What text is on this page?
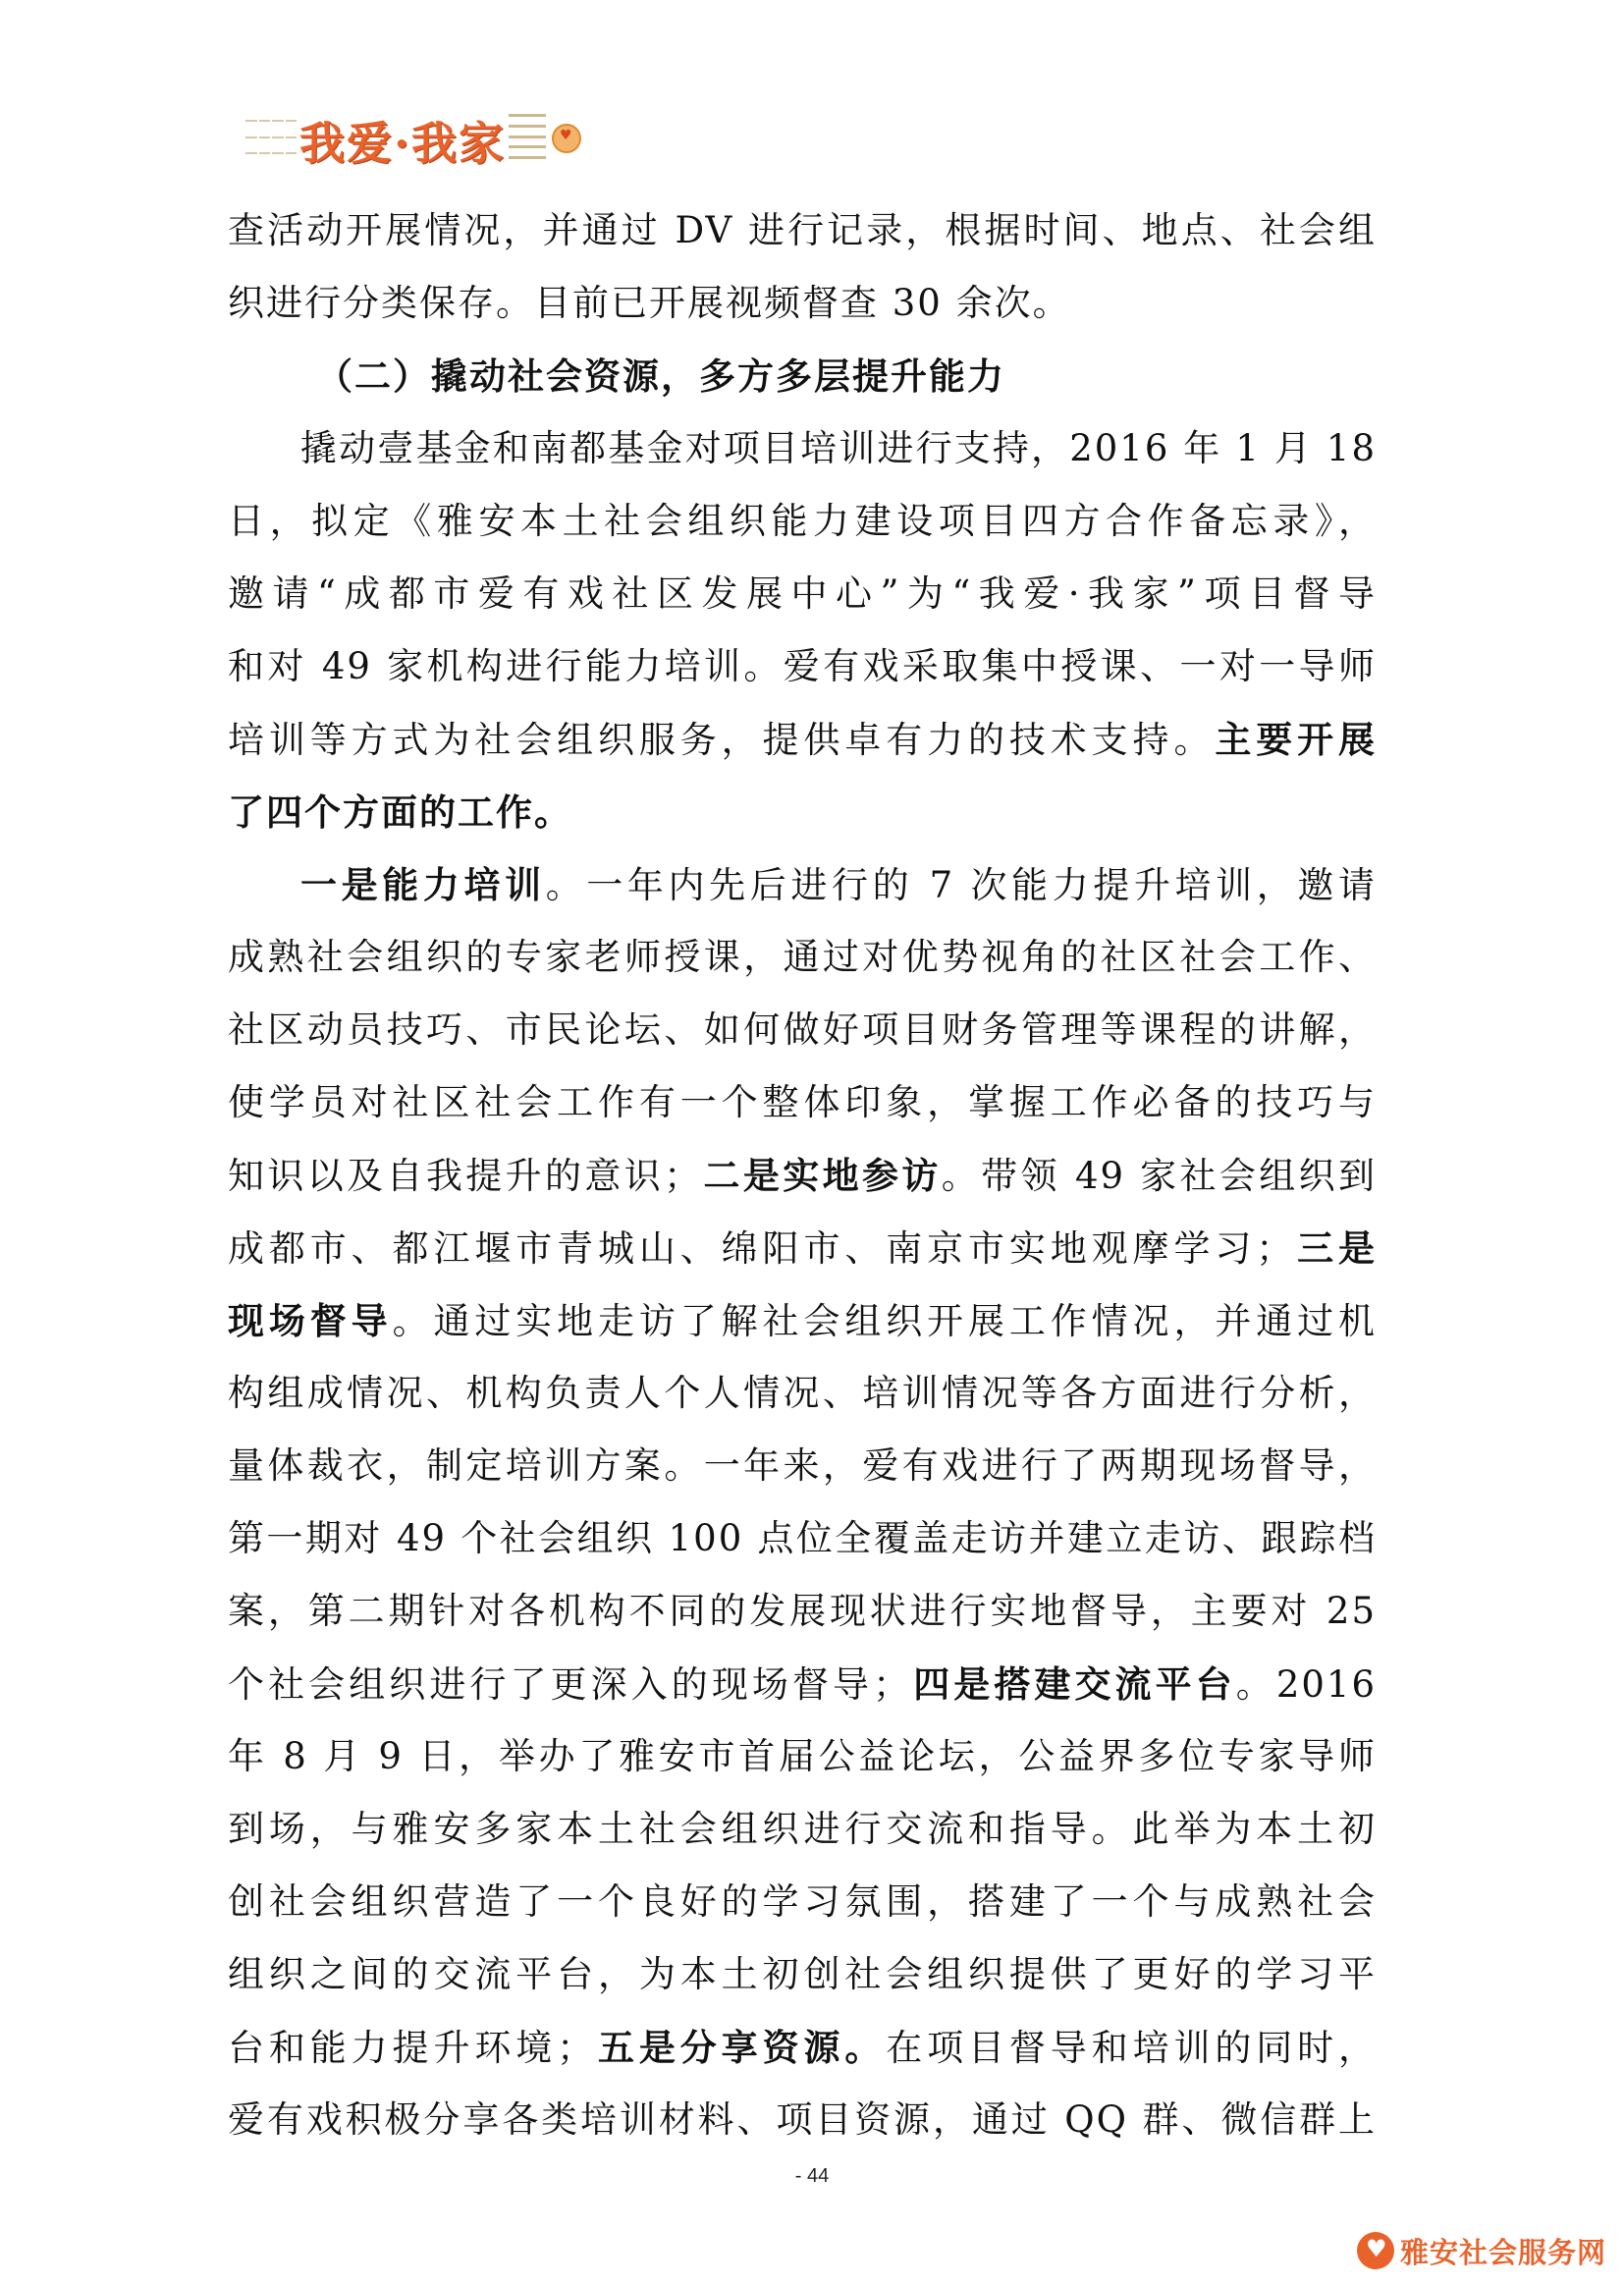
我爱·我家
♥
查活动开展情况，并通过 DV 进行记录，根据时间、地点、社会组
织进行分类保存。目前已开展视频督查 30 余次。
（二）撬动社会资源，多方多层提升能力
撬动壹基金和南都基金对项目培训进行支持，2016 年 1 月 18
日，拟定《雅安本土社会组织能力建设项目四方合作备忘录》，
邀请“成都市爱有戏社区发展中心”为“我爱·我家”项目督导
和对 49 家机构进行能力培训。爱有戏采取集中授课、一对一导师
培训等方式为社会组织服务，提供卓有力的技术支持。主要开展
了四个方面的工作。
一是能力培训。一年内先后进行的 7 次能力提升培训，邀请
成熟社会组织的专家老师授课，通过对优势视角的社区社会工作、
社区动员技巧、市民论坛、如何做好项目财务管理等课程的讲解，
使学员对社区社会工作有一个整体印象，掌握工作必备的技巧与
知识以及自我提升的意识；二是实地参访。带领 49 家社会组织到
成都市、都江堰市青城山、绵阳市、南京市实地观摩学习；三是
现场督导。通过实地走访了解社会组织开展工作情况，并通过机
构组成情况、机构负责人个人情况、培训情况等各方面进行分析，
量体裁衣，制定培训方案。一年来，爱有戏进行了两期现场督导，
第一期对 49 个社会组织 100 点位全覆盖走访并建立走访、跟踪档
案，第二期针对各机构不同的发展现状进行实地督导，主要对 25
个社会组织进行了更深入的现场督导；四是搭建交流平台。2016
年 8 月 9 日，举办了雅安市首届公益论坛，公益界多位专家导师
到场，与雅安多家本土社会组织进行交流和指导。此举为本土初
创社会组织营造了一个良好的学习氛围，搭建了一个与成熟社会
组织之间的交流平台，为本土初创社会组织提供了更好的学习平
台和能力提升环境；五是分享资源。在项目督导和培训的同时，
爱有戏积极分享各类培训材料、项目资源，通过 QQ 群、微信群上
- 44
♥
雅安社会服务网
